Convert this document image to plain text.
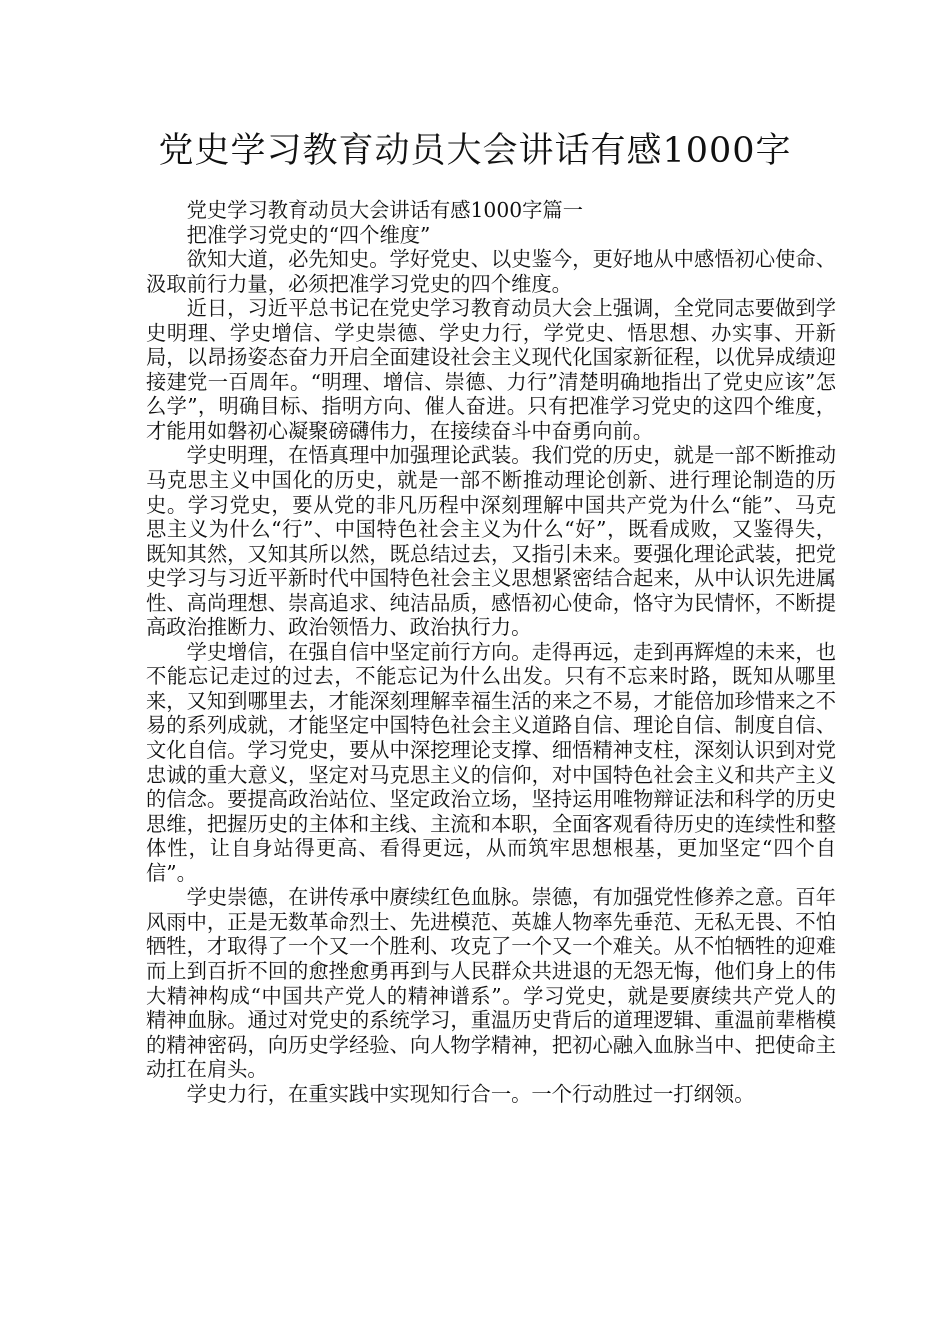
党史学习教育动员大会讲话有感1000字

党史学习教育动员大会讲话有感1000字篇一

把准学习党史的“四个维度”

欲知大道，必先知史。学好党史、以史鉴今，更好地从中感悟初心使命、汲取前行力量，必须把准学习党史的四个维度。

近日，习近平总书记在党史学习教育动员大会上强调，全党同志要做到学史明理、学史增信、学史崇德、学史力行，学党史、悟思想、办实事、开新局，以昂扬姿态奋力开启全面建设社会主义现代化国家新征程，以优异成绩迎接建党一百周年。“明理、增信、崇德、力行”清楚明确地指出了党史应该”怎么学”，明确目标、指明方向、催人奋进。只有把准学习党史的这四个维度，才能用如磐初心凝聚磅礴伟力，在接续奋斗中奋勇向前。

学史明理，在悟真理中加强理论武装。我们党的历史，就是一部不断推动马克思主义中国化的历史，就是一部不断推动理论创新、进行理论制造的历史。学习党史，要从党的非凡历程中深刻理解中国共产党为什么“能”、马克思主义为什么“行”、中国特色社会主义为什么“好”，既看成败，又鉴得失，既知其然，又知其所以然，既总结过去，又指引未来。要强化理论武装，把党史学习与习近平新时代中国特色社会主义思想紧密结合起来，从中认识先进属性、高尚理想、崇高追求、纯洁品质，感悟初心使命，恪守为民情怀，不断提高政治推断力、政治领悟力、政治执行力。

学史增信，在强自信中坚定前行方向。走得再远，走到再辉煌的未来，也不能忘记走过的过去，不能忘记为什么出发。只有不忘来时路，既知从哪里来，又知到哪里去，才能深刻理解幸福生活的来之不易，才能倍加珍惜来之不易的系列成就，才能坚定中国特色社会主义道路自信、理论自信、制度自信、文化自信。学习党史，要从中深挖理论支撑、细悟精神支柱，深刻认识到对党忠诚的重大意义，坚定对马克思主义的信仰，对中国特色社会主义和共产主义的信念。要提高政治站位、坚定政治立场，坚持运用唯物辩证法和科学的历史思维，把握历史的主体和主线、主流和本职，全面客观看待历史的连续性和整体性，让自身站得更高、看得更远，从而筑牢思想根基，更加坚定“四个自信”。

学史崇德，在讲传承中赓续红色血脉。崇德，有加强党性修养之意。百年风雨中，正是无数革命烈士、先进模范、英雄人物率先垂范、无私无畏、不怕牺牲，才取得了一个又一个胜利、攻克了一个又一个难关。从不怕牺牲的迎难而上到百折不回的愈挫愈勇再到与人民群众共进退的无怨无悔，他们身上的伟大精神构成“中国共产党人的精神谱系”。学习党史，就是要赓续共产党人的精神血脉。通过对党史的系统学习，重温历史背后的道理逻辑、重温前辈楷模的精神密码，向历史学经验、向人物学精神，把初心融入血脉当中、把使命主动扛在肩头。

学史力行，在重实践中实现知行合一。一个行动胜过一打纲领。
